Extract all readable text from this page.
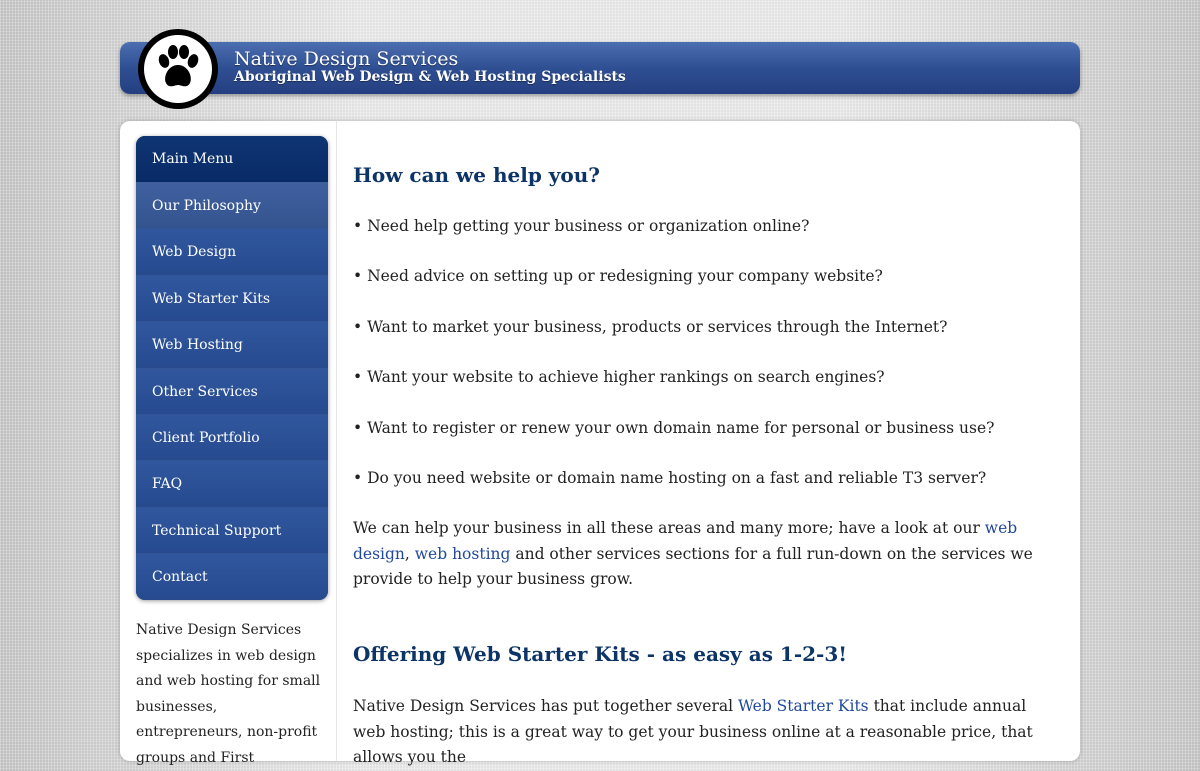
Native Design Services
Aboriginal Web Design & Web Hosting Specialists
Main Menu
Our Philosophy
Web Design
Web Starter Kits
Web Hosting
Other Services
Client Portfolio
FAQ
Technical Support
Contact

Native Design Services specializes in web design and web hosting for small businesses, entrepreneurs, non-profit groups and First

How can we help you?

• Need help getting your business or organization online?

• Need advice on setting up or redesigning your company website?

• Want to market your business, products or services through the Internet?

• Want your website to achieve higher rankings on search engines?

• Want to register or renew your own domain name for personal or business use?

• Do you need website or domain name hosting on a fast and reliable T3 server?

We can help your business in all these areas and many more; have a look at our web design, web hosting and other services sections for a full run-down on the services we provide to help your business grow.

Offering Web Starter Kits - as easy as 1-2-3!

Native Design Services has put together several Web Starter Kits that include annual web hosting; this is a great way to get your business online at a reasonable price, that allows you the
